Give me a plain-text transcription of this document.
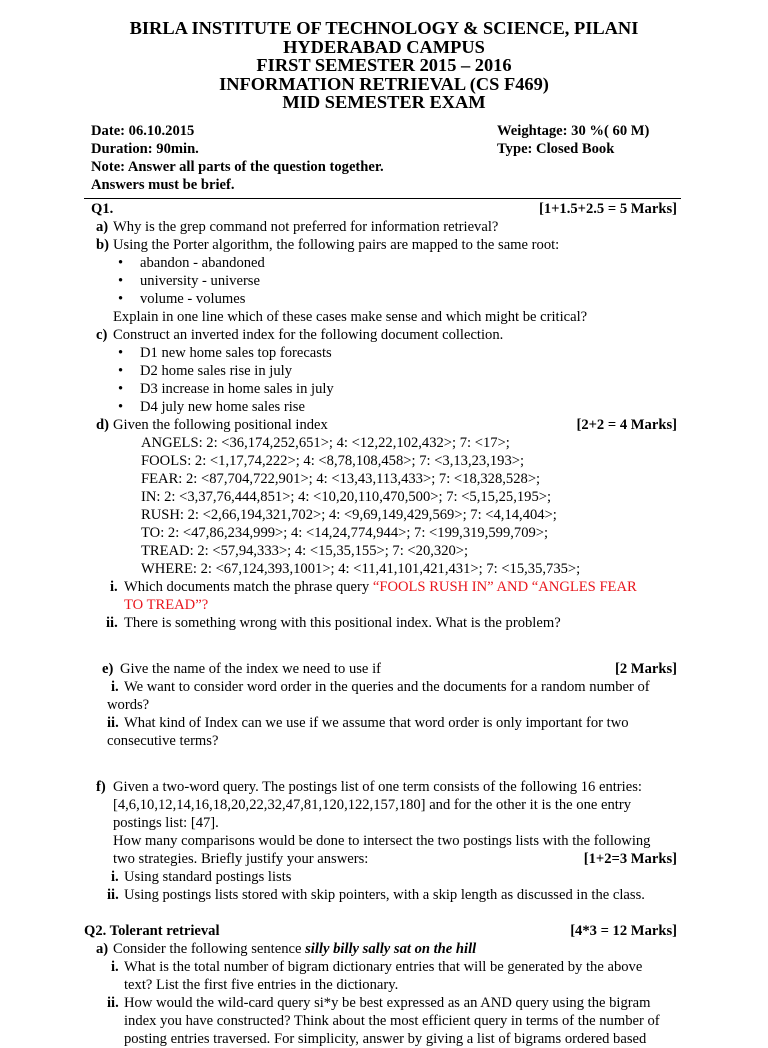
BIRLA INSTITUTE OF TECHNOLOGY & SCIENCE, PILANI
HYDERABAD CAMPUS
FIRST SEMESTER 2015 – 2016
INFORMATION RETRIEVAL (CS F469)
MID SEMESTER EXAM
Date: 06.10.2015	Weightage: 30 %( 60 M)
Duration: 90min.	Type: Closed Book
Note: Answer all parts of the question together.
Answers must be brief.
Q1.	[1+1.5+2.5 = 5 Marks]
a) Why is the grep command not preferred for information retrieval?
b) Using the Porter algorithm, the following pairs are mapped to the same root:
• abandon - abandoned
• university - universe
• volume - volumes
Explain in one line which of these cases make sense and which might be critical?
c) Construct an inverted index for the following document collection.
• D1 new home sales top forecasts
• D2 home sales rise in july
• D3 increase in home sales in july
• D4 july new home sales rise
d) Given the following positional index	[2+2 = 4 Marks]
ANGELS: 2: <36,174,252,651>; 4: <12,22,102,432>; 7: <17>;
FOOLS: 2: <1,17,74,222>; 4: <8,78,108,458>; 7: <3,13,23,193>;
FEAR: 2: <87,704,722,901>; 4: <13,43,113,433>; 7: <18,328,528>;
IN: 2: <3,37,76,444,851>; 4: <10,20,110,470,500>; 7: <5,15,25,195>;
RUSH: 2: <2,66,194,321,702>; 4: <9,69,149,429,569>; 7: <4,14,404>;
TO: 2: <47,86,234,999>; 4: <14,24,774,944>; 7: <199,319,599,709>;
TREAD: 2: <57,94,333>; 4: <15,35,155>; 7: <20,320>;
WHERE: 2: <67,124,393,1001>; 4: <11,41,101,421,431>; 7: <15,35,735>;
i. Which documents match the phrase query “FOOLS RUSH IN” AND “ANGLES FEAR
TO TREAD”?
ii. There is something wrong with this positional index. What is the problem?
e) Give the name of the index we need to use if	[2 Marks]
i. We want to consider word order in the queries and the documents for a random number of
words?
ii. What kind of Index can we use if we assume that word order is only important for two
consecutive terms?
f) Given a two-word query. The postings list of one term consists of the following 16 entries:
[4,6,10,12,14,16,18,20,22,32,47,81,120,122,157,180] and for the other it is the one entry
postings list: [47].
How many comparisons would be done to intersect the two postings lists with the following
two strategies. Briefly justify your answers:	[1+2=3 Marks]
i. Using standard postings lists
ii. Using postings lists stored with skip pointers, with a skip length as discussed in the class.
Q2. Tolerant retrieval	[4*3 = 12 Marks]
a) Consider the following sentence silly billy sally sat on the hill
i. What is the total number of bigram dictionary entries that will be generated by the above
text? List the first five entries in the dictionary.
ii. How would the wild-card query si*y be best expressed as an AND query using the bigram
index you have constructed? Think about the most efficient query in terms of the number of
posting entries traversed. For simplicity, answer by giving a list of bigrams ordered based
